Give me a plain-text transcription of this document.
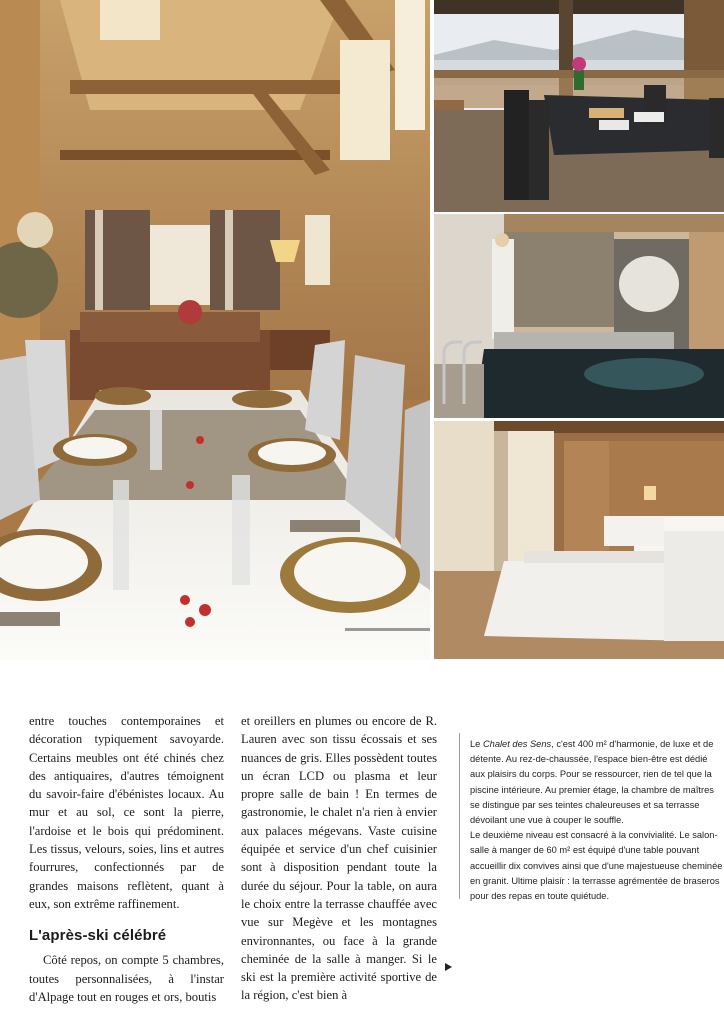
entre touches contemporaines et décoration typiquement savoyarde. Certains meubles ont été chinés chez des antiquaires, d'autres témoignent du savoir-faire d'ébénistes locaux. Au mur et au sol, ce sont la pierre, l'ardoise et le bois qui prédominent. Les tissus, velours, soies, lins et autres fourrures, confectionnés par de grandes maisons reflètent, quant à eux, son extrême raffinement.

L'après-ski célébré

Côté repos, on compte 5 chambres, toutes personnalisées, à l'instar d'Alpage tout en rouges et ors, boutis

et oreillers en plumes ou encore de R. Lauren avec son tissu écossais et ses nuances de gris. Elles possèdent toutes un écran LCD ou plasma et leur propre salle de bain ! En termes de gastronomie, le chalet n'a rien à envier aux palaces mégevans. Vaste cuisine équipée et service d'un chef cuisinier sont à disposition pendant toute la durée du séjour. Pour la table, on aura le choix entre la terrasse chauffée avec vue sur Megève et les montagnes environnantes, ou face à la grande cheminée de la salle à manger. Si le ski est la première activité sportive de la région, c'est bien à

Le Chalet des Sens, c'est 400 m² d'harmonie, de luxe et de détente. Au rez-de-chaussée, l'espace bien-être est dédié aux plaisirs du corps. Pour se ressourcer, rien de tel que la piscine intérieure. Au premier étage, la chambre de maîtres se distingue par ses teintes chaleureuses et sa terrasse dévoilant une vue à couper le souffle.

Le deuxième niveau est consacré à la convivialité. Le salon-salle à manger de 60 m² est équipé d'une table pouvant accueillir dix convives ainsi que d'une majestueuse cheminée en granit. Ultime plaisir : la terrasse agrémentée de braseros pour des repas en toute quiétude.
